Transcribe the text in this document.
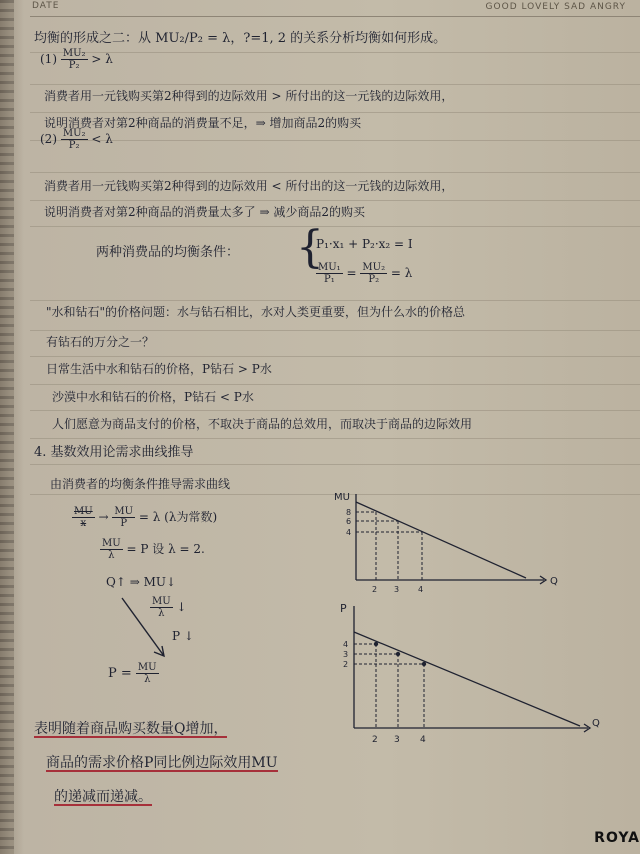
DATE	GOOD LOVELY SAD ANGRY
均衡的形成之二：从 MU₂/P₂ = λ，?=1, 2 的关系分析均衡如何形成。
$(1) \frac{\text{MU₂}}{\text{P₂}} > \lambda$
消费者用一元钱购买第2种得到的边际效用 > 所付出的这一元钱的边际效用，
说明消费者对第2种商品的消费量不足，⇒ 增加商品2的购买
$(2) \frac{\text{MU₂}}{\text{P₂}} < \lambda$
消费者用一元钱购买第2种得到的边际效用 < 所付出的这一元钱的边际效用，
说明消费者对第2种商品的消费量太多了 ⇒ 减少商品2的购买
两种消费品的均衡条件： {
P₁·x₁ + P₂·x₂ = I
$\frac{\text{MU₁}}{\text{P₁}} = \frac{\text{MU₂}}{\text{P₂}} = \lambda$
"水和钻石"的价格问题：水与钻石相比，水对人类更重要，但为什么水的价格总
有钻石的万分之一？
日常生活中水和钻石的价格，P钻石 > P水
沙漠中水和钻石的价格，P钻石 < P水
人们愿意为商品支付的价格，不取决于商品的总效用，而取决于商品的边际效用
4. 基数效用论需求曲线推导
由消费者的均衡条件推导需求曲线
$\frac{MU}{x} \to \frac{MU}{P} = \lambda$ (λ为常数)
$\frac{MU}{\lambda} = P$ 设 λ = 2.
Q↑ ⇒ MU↓
$\frac{MU}{\lambda}$ ↓
P ↓
$P = \frac{MU}{\lambda}$
MU
Q
8
6
4
2 3 4
P
Q
4
3
2
2 3 4
表明随着商品购买数量Q增加，
商品的需求价格P同比例边际效用MU
的递减而递减。
ROYA
